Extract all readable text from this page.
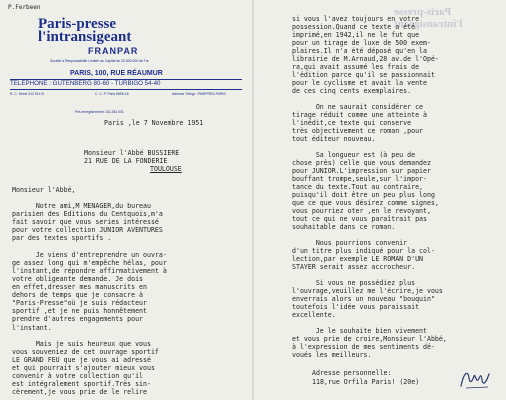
P.Ferbeen
Paris-presse
l'intransigeant
FRANPAR
Société à Responsabilité Limitée au Capital de 20.000.000 de Frs
PARIS, 100, RUE RÉAUMUR
TÉLÉPHONE : GUTENBERG 80-60 - TURBIGO 54-40
R. C. Seine 312.914 B	C. C. P. Paris 5896-18	Adresse Télégr.: PARIPRES-PARIS
Pré-enregistrement 101.351 001
Paris ,le 7 Novembre 1951
Monsieur l'Abbé BUSSIERE
21 RUE DE LA FONDERIE
TOULOUSE
Monsieur l'Abbé,
Notre ami,M MENAGER,du bureau
parisien des Editions du Centquois,m'a
fait savoir que vous series intéressé
pour votre collection JUNIOR AVENTURES
par des textes sportifs .
Je viens d'entreprendre un ouvra-
ge assez long qui m'empêche hélas, pour
l'instant,de répondre affirmativement à
votre obligeante demande. Je dois
en effet,dresser mes manuscrits en
dehors de temps que je consacre à
"Paris-Presse"où je suis rédacteur
sportif ,et je ne puis honnêtement
prendre d'autres engagements pour
l'instant.
Mais je suis heureux que vous
vous souveniez de cet ouvrage sportif
LE GRAND FEU que je vous ai adressé
et qui pourrait s'ajouter mieux vous
convenir à votre collection qu'il
est intégralement sportif.Très sin-
cèrement,je vous prie de le relire
Paris-presse
l'intransigeant
si vous l'avez toujours en votre
possession.Quand ce texte a été
imprimé,en 1942,il ne le fut que
pour un tirage de luxe de 500 exem-
plaires.Il n'a été déposé qu'en la
librairie de M.Arnaud,28 av.de l'Opé-
ra,qui avait assumé les frais de
l'édition parce qu'il se passionnait
pour le cyclisme et avait la vente
de ces cinq cents exemplaires.
On ne saurait considérer ce
tirage réduit comme une atteinte à
l'inédit,ce texte qui conserve
très objectivement ce roman ,pour
tout éditeur nouveau.
Sa longueur est (à peu de
chose près) celle que vous demandez
pour JUNIOR.L'impression sur papier
bouffant trompe,seule,sur l'impor-
tance du texte.Tout au contraire,
puisqu'il doit être un peu plus long
que ce que vous désirez comme signes,
vous pourriez oter ,en le revoyant,
tout ce qui ne vous paraîtrait pas
souhaitable dans ce roman.
Nous pourrions convenir
d'un titre plus indiqué pour la col-
lection,par exemple LE ROMAN D'UN
STAYER serait assez accrocheur.
Si vous ne possédiez plus
l'ouvrage,veuillez me l'écrire,je vous
enverrais alors un nouveau "bouquin"
toutefois l'idée vous paraissait
excellente.
Je le souhaite bien vivement
et vous prie de croire,Monsieur l'Abbé,
à l'expression de mes sentiments dé-
voués les meilleurs.
Adresse personnelle:
118,rue Orfila Paris! (20e)
